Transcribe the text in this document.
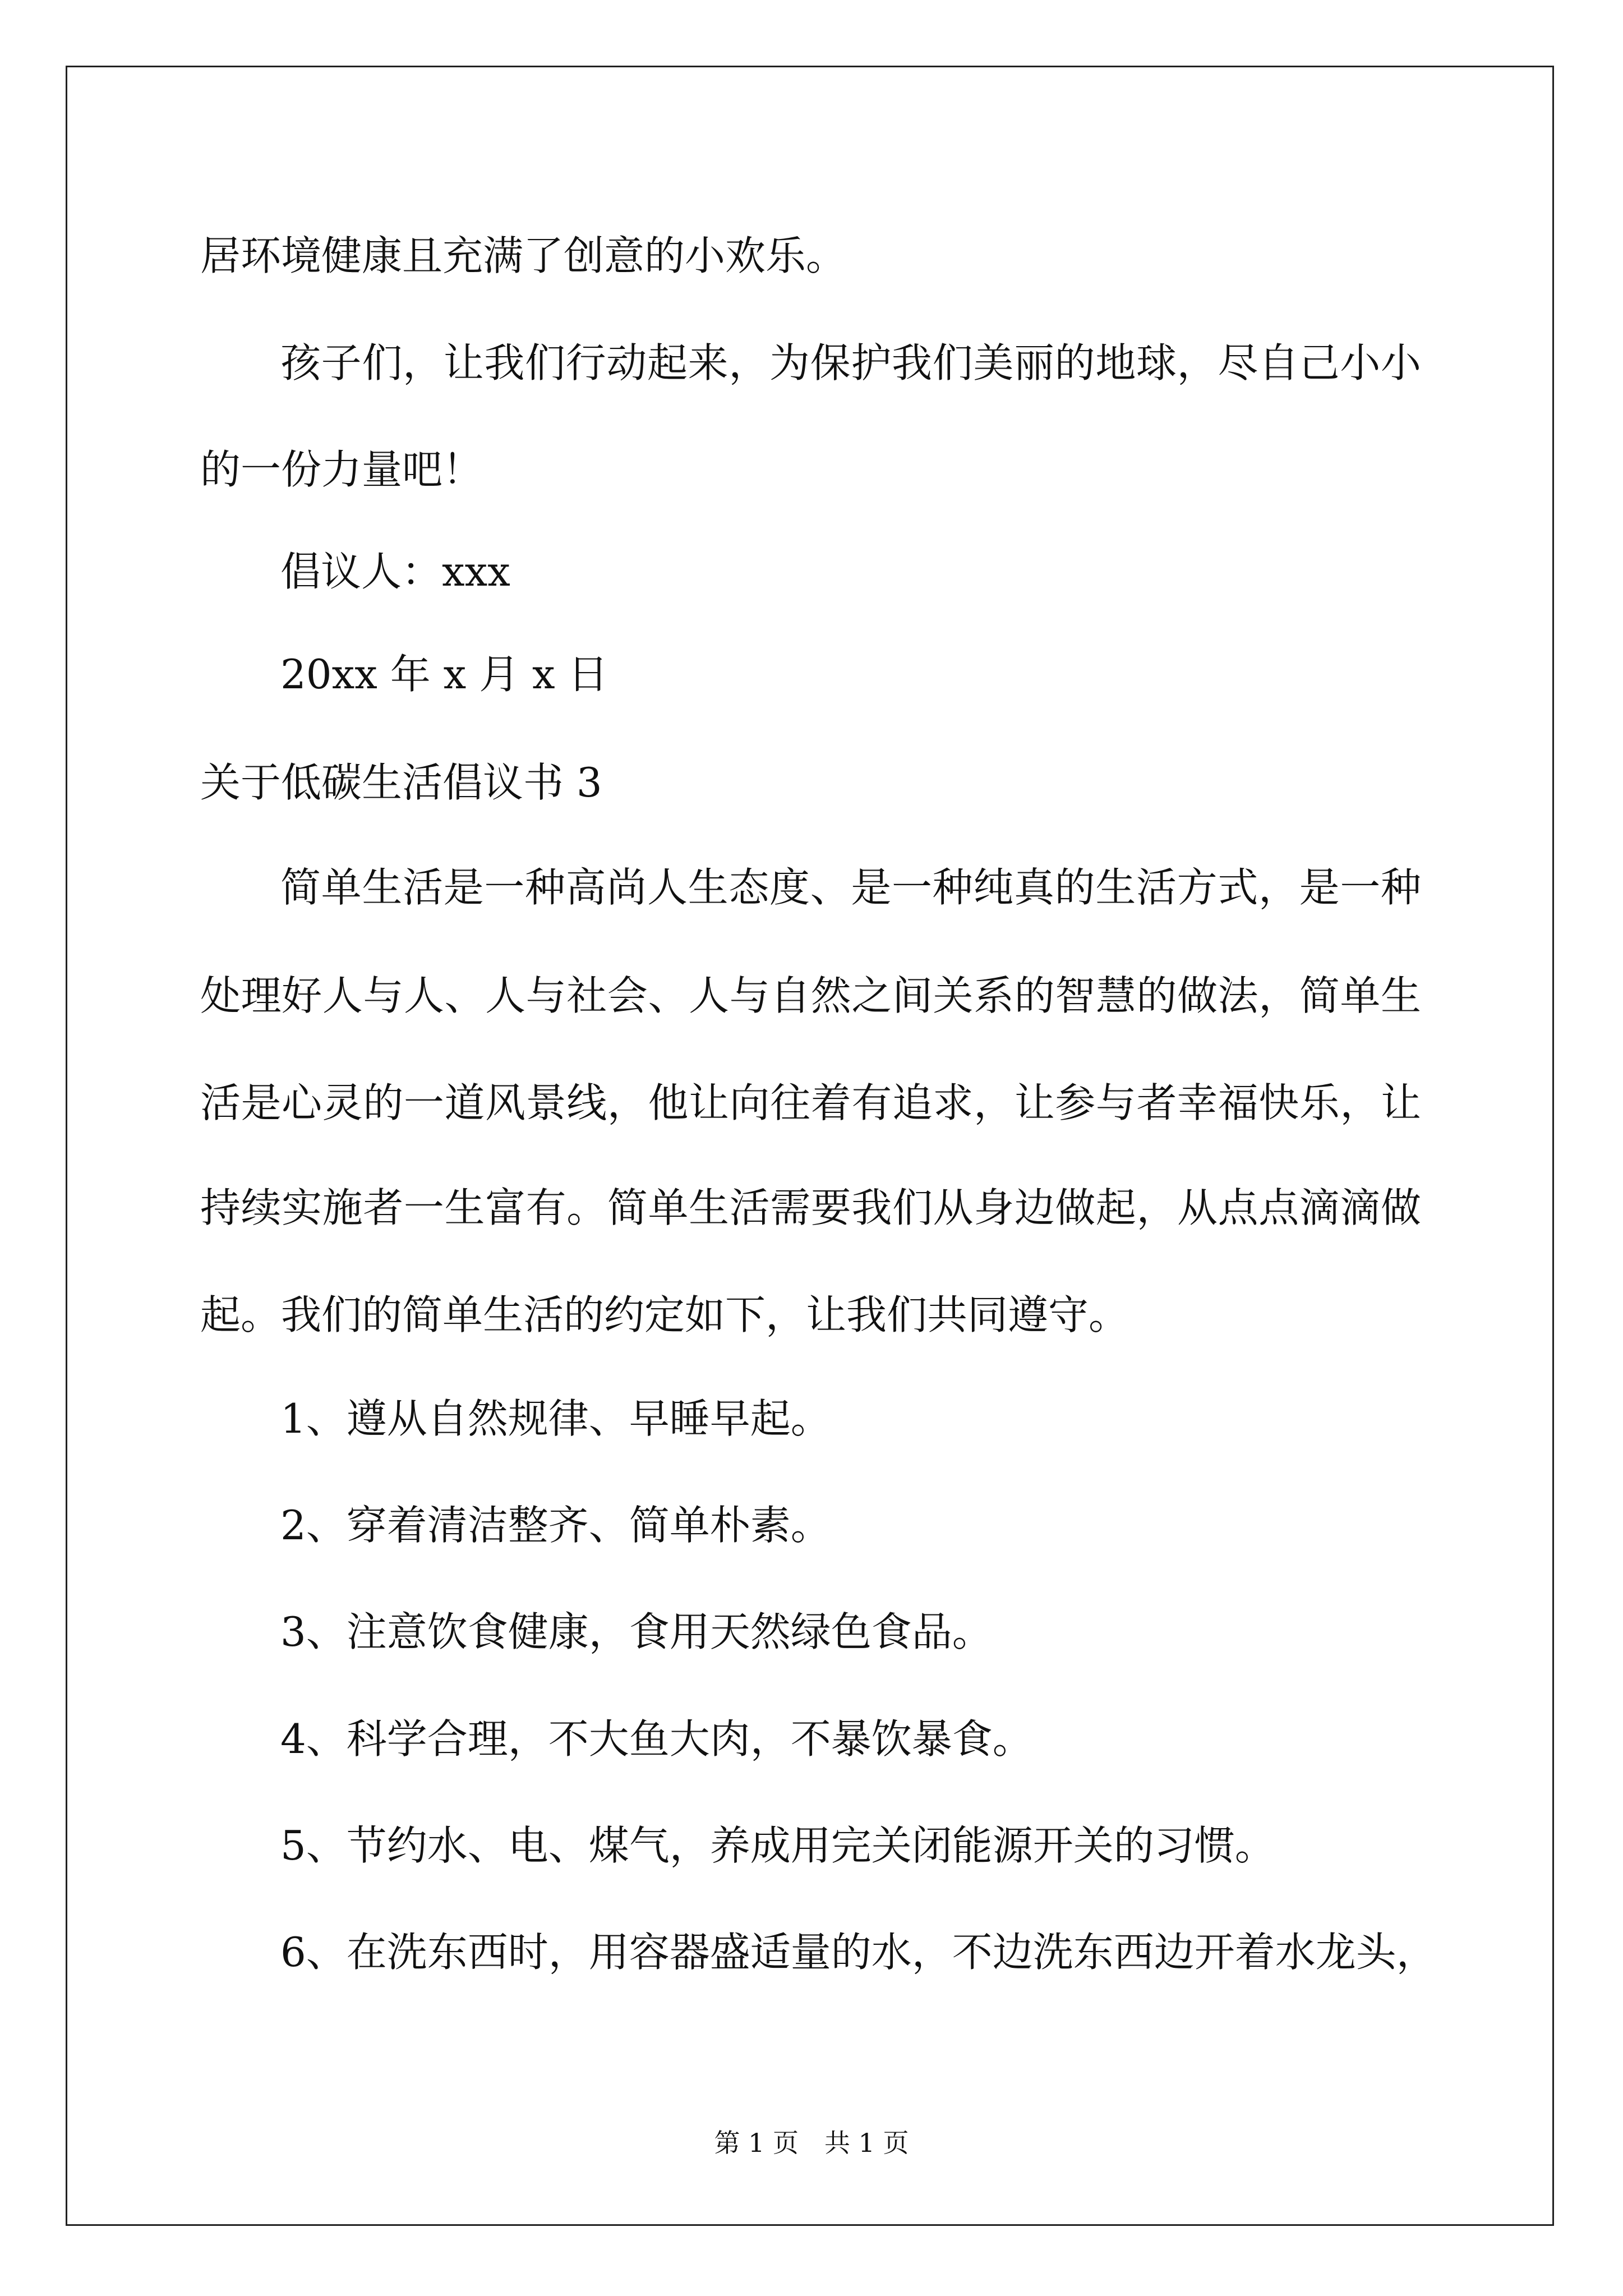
居环境健康且充满了创意的小欢乐。
孩子们，让我们行动起来，为保护我们美丽的地球，尽自己小小
的一份力量吧！
倡议人：xxx
20xx 年 x 月 x 日
关于低碳生活倡议书 3
简单生活是一种高尚人生态度、是一种纯真的生活方式，是一种
处理好人与人、人与社会、人与自然之间关系的智慧的做法，简单生
活是心灵的一道风景线，他让向往着有追求，让参与者幸福快乐，让
持续实施者一生富有。简单生活需要我们从身边做起，从点点滴滴做
起。我们的简单生活的约定如下，让我们共同遵守。
1、遵从自然规律、早睡早起。
2、穿着清洁整齐、简单朴素。
3、注意饮食健康，食用天然绿色食品。
4、科学合理，不大鱼大肉，不暴饮暴食。
5、节约水、电、煤气，养成用完关闭能源开关的习惯。
6、在洗东西时，用容器盛适量的水，不边洗东西边开着水龙头，
第 1 页　共 1 页
